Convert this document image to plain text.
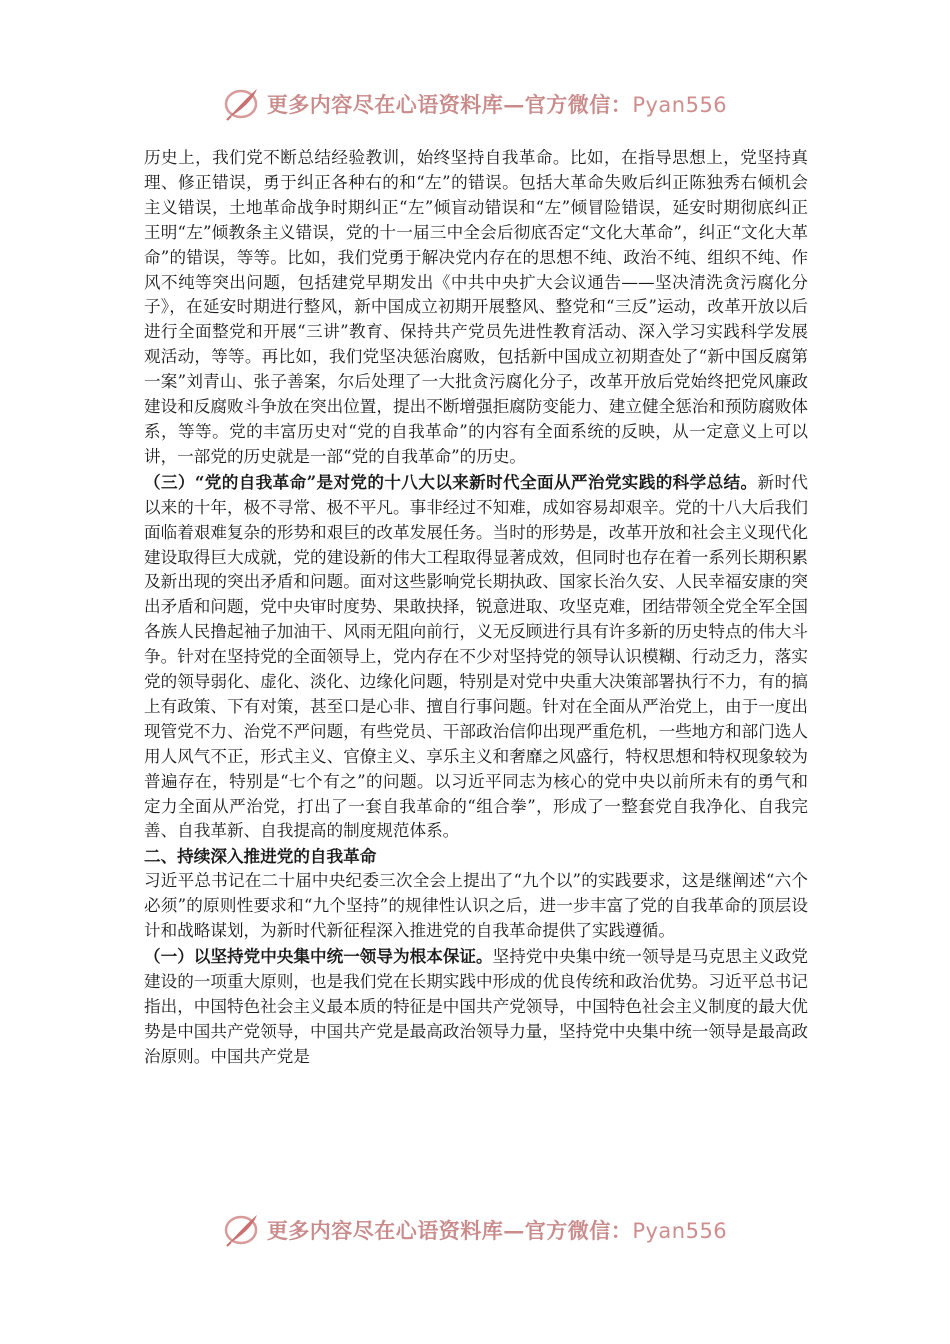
更多内容尽在心语资料库—官方微信：Pyan556

历史上，我们党不断总结经验教训，始终坚持自我革命。比如，在指导思想上，党坚持真理、修正错误，勇于纠正各种右的和“左”的错误。包括大革命失败后纠正陈独秀右倾机会主义错误，土地革命战争时期纠正“左”倾盲动错误和“左”倾冒险错误，延安时期彻底纠正王明“左”倾教条主义错误，党的十一届三中全会后彻底否定“文化大革命”，纠正“文化大革命”的错误，等等。比如，我们党勇于解决党内存在的思想不纯、政治不纯、组织不纯、作风不纯等突出问题，包括建党早期发出《中共中央扩大会议通告——坚决清洗贪污腐化分子》，在延安时期进行整风，新中国成立初期开展整风、整党和“三反”运动，改革开放以后进行全面整党和开展“三讲”教育、保持共产党员先进性教育活动、深入学习实践科学发展观活动，等等。再比如，我们党坚决惩治腐败，包括新中国成立初期查处了“新中国反腐第一案”刘青山、张子善案，尔后处理了一大批贪污腐化分子，改革开放后党始终把党风廉政建设和反腐败斗争放在突出位置，提出不断增强拒腐防变能力、建立健全惩治和预防腐败体系，等等。党的丰富历史对“党的自我革命”的内容有全面系统的反映，从一定意义上可以讲，一部党的历史就是一部“党的自我革命”的历史。

（三）“党的自我革命”是对党的十八大以来新时代全面从严治党实践的科学总结。新时代以来的十年，极不寻常、极不平凡。事非经过不知难，成如容易却艰辛。党的十八大后我们面临着艰难复杂的形势和艰巨的改革发展任务。当时的形势是，改革开放和社会主义现代化建设取得巨大成就，党的建设新的伟大工程取得显著成效，但同时也存在着一系列长期积累及新出现的突出矛盾和问题。面对这些影响党长期执政、国家长治久安、人民幸福安康的突出矛盾和问题，党中央审时度势、果敢抉择，锐意进取、攻坚克难，团结带领全党全军全国各族人民撸起袖子加油干、风雨无阻向前行，义无反顾进行具有许多新的历史特点的伟大斗争。针对在坚持党的全面领导上，党内存在不少对坚持党的领导认识模糊、行动乏力，落实党的领导弱化、虚化、淡化、边缘化问题，特别是对党中央重大决策部署执行不力，有的搞上有政策、下有对策，甚至口是心非、擅自行事问题。针对在全面从严治党上，由于一度出现管党不力、治党不严问题，有些党员、干部政治信仰出现严重危机，一些地方和部门选人用人风气不正，形式主义、官僚主义、享乐主义和奢靡之风盛行，特权思想和特权现象较为普遍存在，特别是“七个有之”的问题。以习近平同志为核心的党中央以前所未有的勇气和定力全面从严治党，打出了一套自我革命的“组合拳”，形成了一整套党自我净化、自我完善、自我革新、自我提高的制度规范体系。

二、持续深入推进党的自我革命

习近平总书记在二十届中央纪委三次全会上提出了“九个以”的实践要求，这是继阐述“六个必须”的原则性要求和“九个坚持”的规律性认识之后，进一步丰富了党的自我革命的顶层设计和战略谋划，为新时代新征程深入推进党的自我革命提供了实践遵循。

（一）以坚持党中央集中统一领导为根本保证。坚持党中央集中统一领导是马克思主义政党建设的一项重大原则，也是我们党在长期实践中形成的优良传统和政治优势。习近平总书记指出，中国特色社会主义最本质的特征是中国共产党领导，中国特色社会主义制度的最大优势是中国共产党领导，中国共产党是最高政治领导力量，坚持党中央集中统一领导是最高政治原则。中国共产党是

更多内容尽在心语资料库—官方微信：Pyan556
